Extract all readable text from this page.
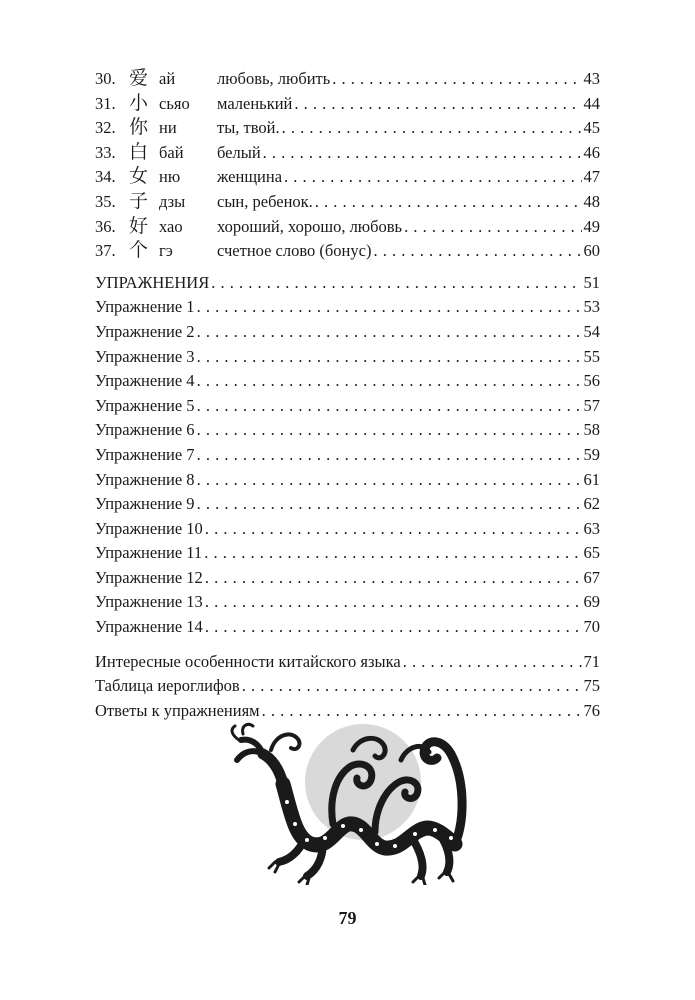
30. 爱 ай	любовь, любить . . .	43
31. 小 сьяо	маленький . . .	44
32. 你 ни	ты, твой. . . .	45
33. 白 бай	белый . . .	46
34. 女 ню	женщина . . .	47
35. 子 дзы	сын, ребенок. . . .	48
36. 好 хао	хороший, хорошо, любовь . . .	49
37. 个 гэ	счетное слово (бонус) . . .	60
УПРАЖНЕНИЯ . . .	51
Упражнение 1 . . .	53
Упражнение 2 . . .	54
Упражнение 3 . . .	55
Упражнение 4 . . .	56
Упражнение 5 . . .	57
Упражнение 6 . . .	58
Упражнение 7 . . .	59
Упражнение 8 . . .	61
Упражнение 9 . . .	62
Упражнение 10 . . .	63
Упражнение 11 . . .	65
Упражнение 12 . . .	67
Упражнение 13 . . .	69
Упражнение 14 . . .	70
Интересные особенности китайского языка . . .	71
Таблица иероглифов . . .	75
Ответы к упражнениям . . .	76
79
